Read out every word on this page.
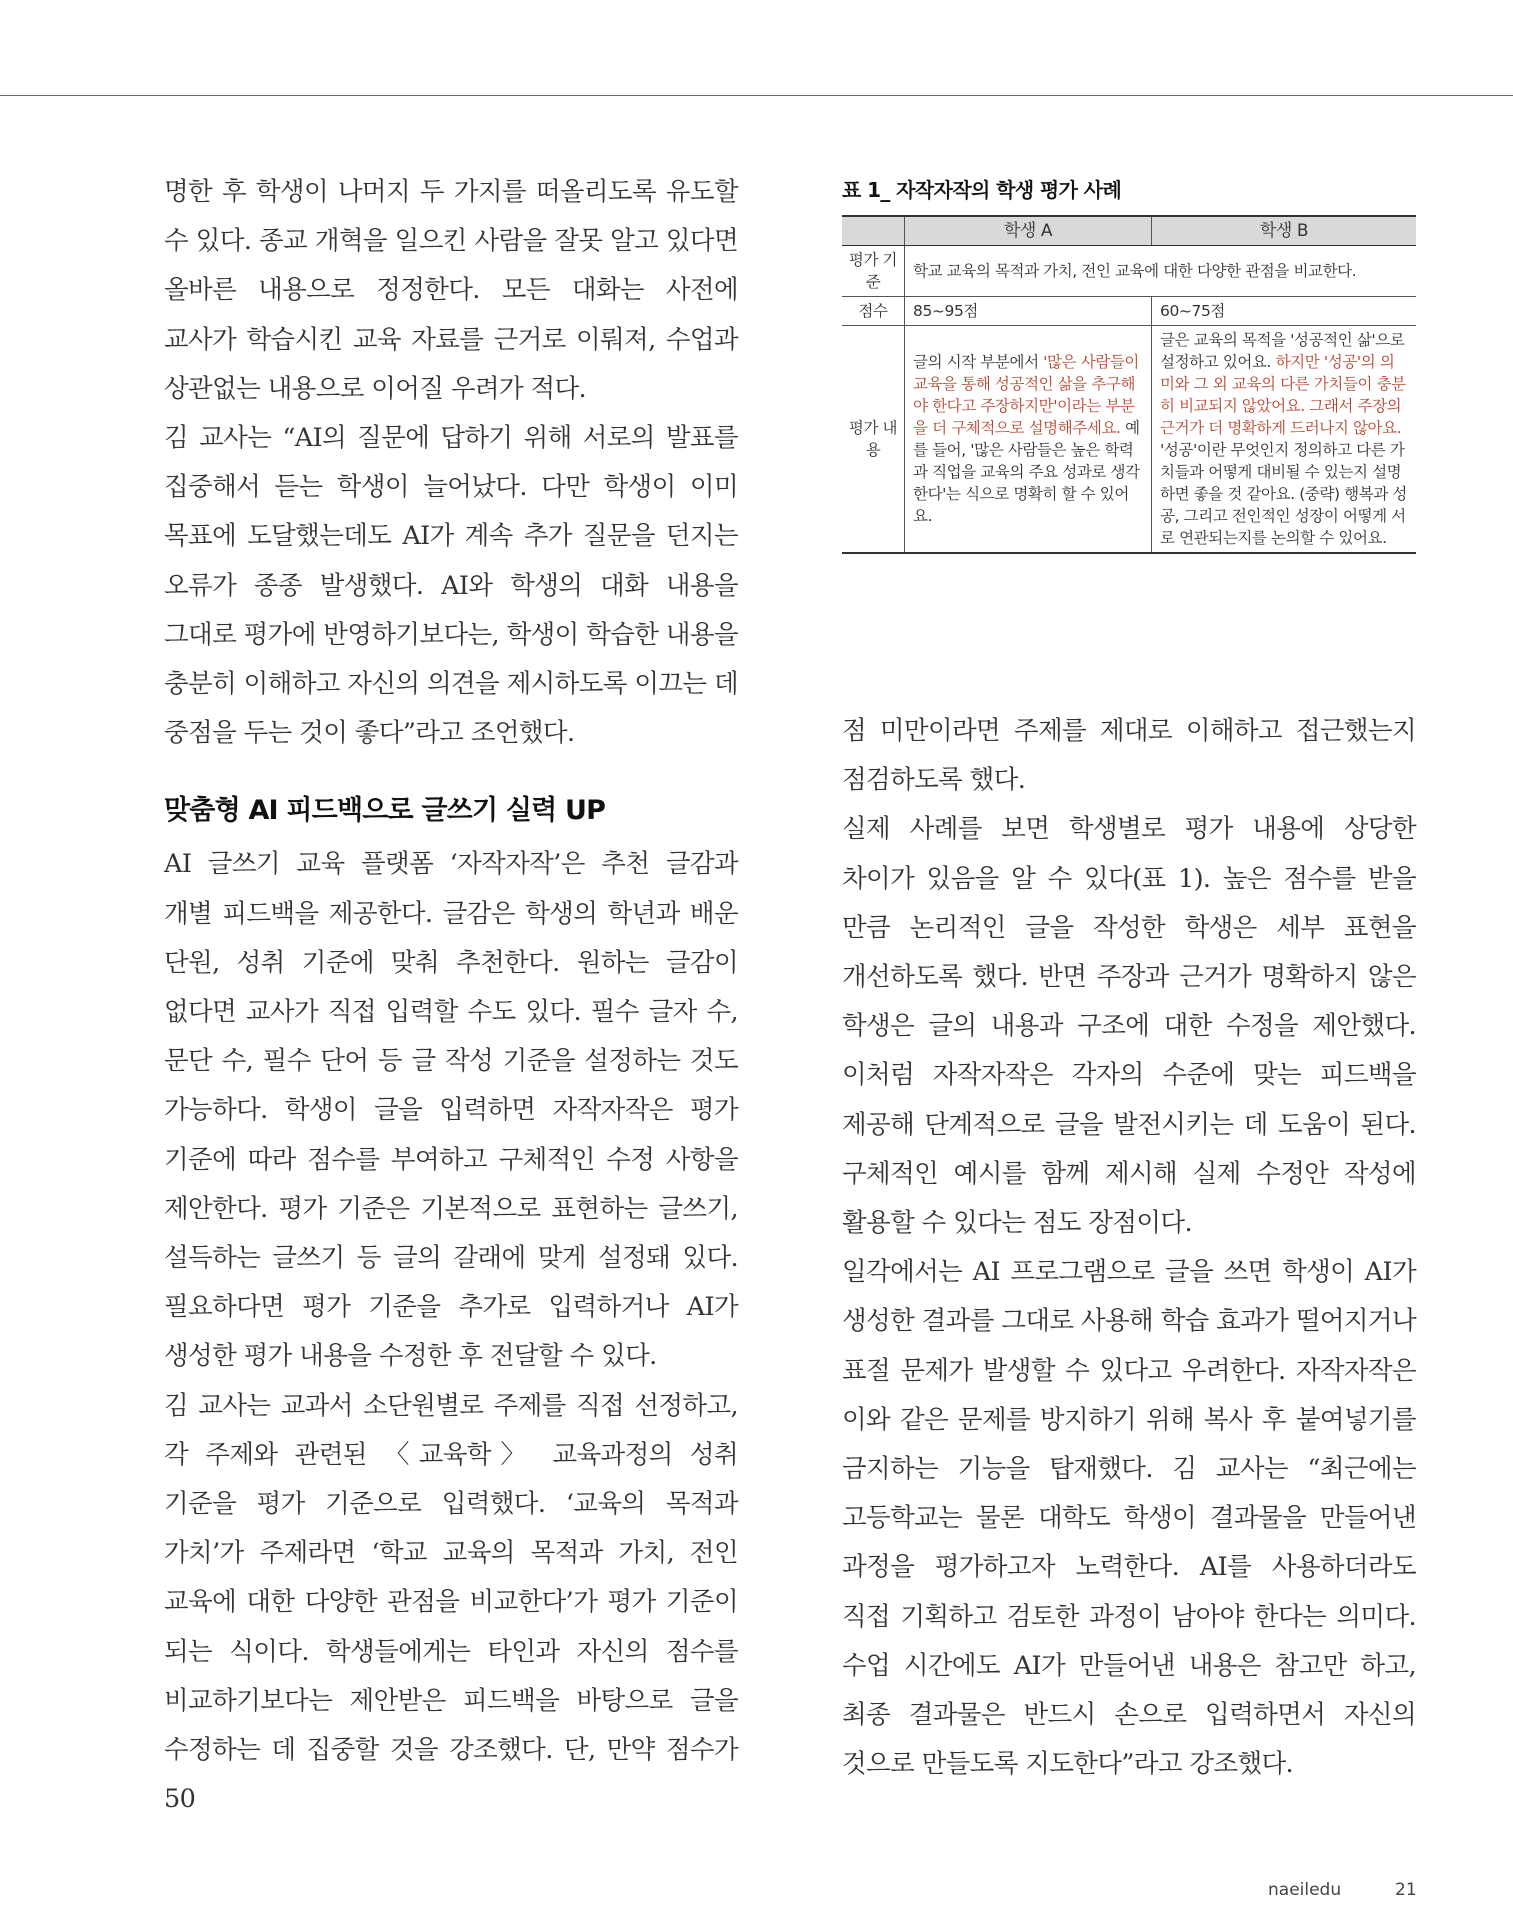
명한 후 학생이 나머지 두 가지를 떠올리도록 유도할 수 있다. 종교 개혁을 일으킨 사람을 잘못 알고 있다면 올바른 내용으로 정정한다. 모든 대화는 사전에 교사가 학습시킨 교육 자료를 근거로 이뤄져, 수업과 상관없는 내용으로 이어질 우려가 적다.

김 교사는 “AI의 질문에 답하기 위해 서로의 발표를 집중해서 듣는 학생이 늘어났다. 다만 학생이 이미 목표에 도달했는데도 AI가 계속 추가 질문을 던지는 오류가 종종 발생했다. AI와 학생의 대화 내용을 그대로 평가에 반영하기보다는, 학생이 학습한 내용을 충분히 이해하고 자신의 의견을 제시하도록 이끄는 데 중점을 두는 것이 좋다”라고 조언했다.

맞춤형 AI 피드백으로 글쓰기 실력 UP

AI 글쓰기 교육 플랫폼 ‘자작자작’은 추천 글감과 개별 피드백을 제공한다. 글감은 학생의 학년과 배운 단원, 성취 기준에 맞춰 추천한다. 원하는 글감이 없다면 교사가 직접 입력할 수도 있다. 필수 글자 수, 문단 수, 필수 단어 등 글 작성 기준을 설정하는 것도 가능하다. 학생이 글을 입력하면 자작자작은 평가 기준에 따라 점수를 부여하고 구체적인 수정 사항을 제안한다. 평가 기준은 기본적으로 표현하는 글쓰기, 설득하는 글쓰기 등 글의 갈래에 맞게 설정돼 있다. 필요하다면 평가 기준을 추가로 입력하거나 AI가 생성한 평가 내용을 수정한 후 전달할 수 있다.

김 교사는 교과서 소단원별로 주제를 직접 선정하고, 각 주제와 관련된 〈교육학〉 교육과정의 성취 기준을 평가 기준으로 입력했다. ‘교육의 목적과 가치’가 주제라면 ‘학교 교육의 목적과 가치, 전인 교육에 대한 다양한 관점을 비교한다’가 평가 기준이 되는 식이다. 학생들에게는 타인과 자신의 점수를 비교하기보다는 제안받은 피드백을 바탕으로 글을 수정하는 데 집중할 것을 강조했다. 단, 만약 점수가 50

표 1_ 자작자작의 학생 평가 사례
	학생 A	학생 B
평가 기준	학교 교육의 목적과 가치, 전인 교육에 대한 다양한 관점을 비교한다.	
점수	85~95점	60~75점
평가 내용	글의 시작 부분에서 '많은 사람들이 교육을 통해 성공적인 삶을 추구해야 한다고 주장하지만'이라는 부분을 더 구체적으로 설명해주세요. 예를 들어, '많은 사람들은 높은 학력과 직업을 교육의 주요 성과로 생각한다'는 식으로 명확히 할 수 있어요.	글은 교육의 목적을 '성공적인 삶'으로 설정하고 있어요. 하지만 '성공'의 의미와 그 외 교육의 다른 가치들이 충분히 비교되지 않았어요. 그래서 주장의 근거가 더 명확하게 드러나지 않아요. '성공'이란 무엇인지 정의하고 다른 가치들과 어떻게 대비될 수 있는지 설명하면 좋을 것 같아요. (중략) 행복과 성공, 그리고 전인적인 성장이 어떻게 서로 연관되는지를 논의할 수 있어요.

점 미만이라면 주제를 제대로 이해하고 접근했는지 점검하도록 했다.

실제 사례를 보면 학생별로 평가 내용에 상당한 차이가 있음을 알 수 있다(표 1). 높은 점수를 받을 만큼 논리적인 글을 작성한 학생은 세부 표현을 개선하도록 했다. 반면 주장과 근거가 명확하지 않은 학생은 글의 내용과 구조에 대한 수정을 제안했다. 이처럼 자작자작은 각자의 수준에 맞는 피드백을 제공해 단계적으로 글을 발전시키는 데 도움이 된다. 구체적인 예시를 함께 제시해 실제 수정안 작성에 활용할 수 있다는 점도 장점이다.

일각에서는 AI 프로그램으로 글을 쓰면 학생이 AI가 생성한 결과를 그대로 사용해 학습 효과가 떨어지거나 표절 문제가 발생할 수 있다고 우려한다. 자작자작은 이와 같은 문제를 방지하기 위해 복사 후 붙여넣기를 금지하는 기능을 탑재했다. 김 교사는 “최근에는 고등학교는 물론 대학도 학생이 결과물을 만들어낸 과정을 평가하고자 노력한다. AI를 사용하더라도 직접 기획하고 검토한 과정이 남아야 한다는 의미다. 수업 시간에도 AI가 만들어낸 내용은 참고만 하고, 최종 결과물은 반드시 손으로 입력하면서 자신의 것으로 만들도록 지도한다”라고 강조했다.

naeiledu	21
